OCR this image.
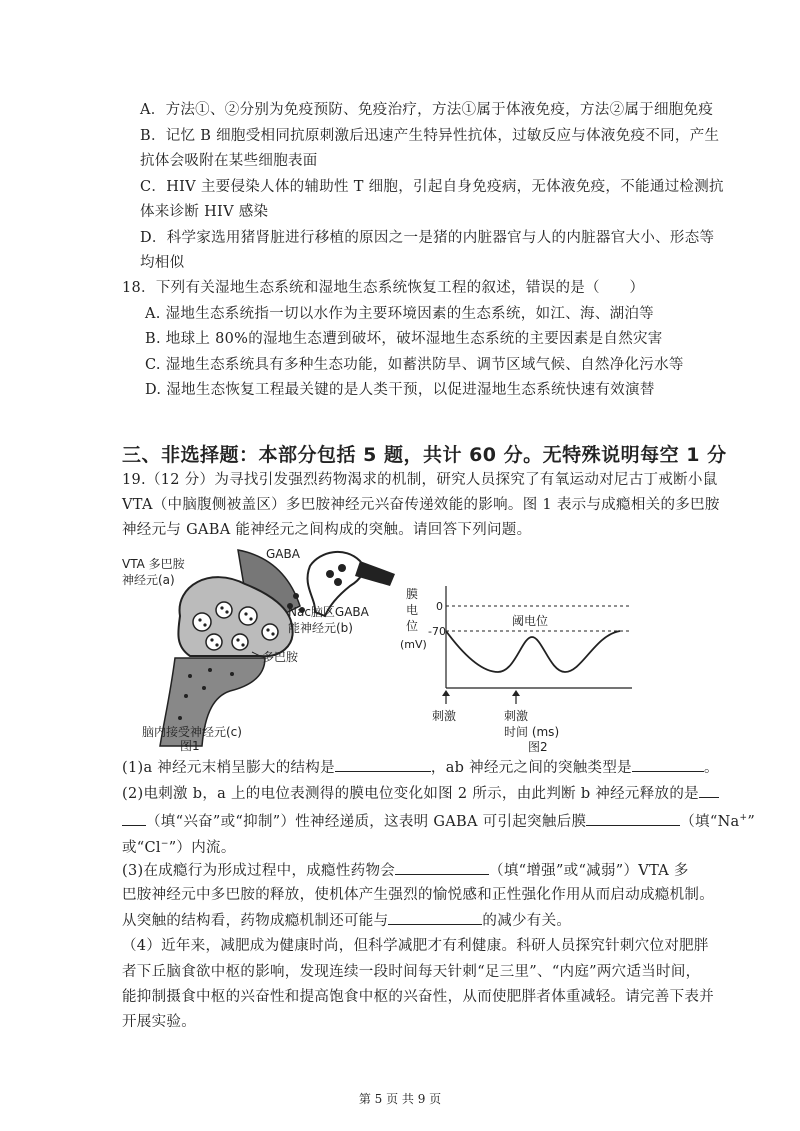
A．方法①、②分别为免疫预防、免疫治疗，方法①属于体液免疫，方法②属于细胞免疫
B．记忆 B 细胞受相同抗原刺激后迅速产生特异性抗体，过敏反应与体液免疫不同，产生
抗体会吸附在某些细胞表面
C．HIV 主要侵染人体的辅助性 T 细胞，引起自身免疫病，无体液免疫，不能通过检测抗
体来诊断 HIV 感染
D．科学家选用猪肾脏进行移植的原因之一是猪的内脏器官与人的内脏器官大小、形态等
均相似
18．下列有关湿地生态系统和湿地生态系统恢复工程的叙述，错误的是（　　）
A. 湿地生态系统指一切以水作为主要环境因素的生态系统，如江、海、湖泊等
B. 地球上 80%的湿地生态遭到破坏，破坏湿地生态系统的主要因素是自然灾害
C. 湿地生态系统具有多种生态功能，如蓄洪防旱、调节区域气候、自然净化污水等
D. 湿地生态恢复工程最关键的是人类干预，以促进湿地生态系统快速有效演替
三、非选择题：本部分包括 5 题，共计 60 分。无特殊说明每空 1 分
19.（12 分）为寻找引发强烈药物渴求的机制，研究人员探究了有氧运动对尼古丁戒断小鼠
VTA（中脑腹侧被盖区）多巴胺神经元兴奋传递效能的影响。图 1 表示与成瘾相关的多巴胺
神经元与 GABA 能神经元之间构成的突触。请回答下列问题。
VTA 多巴胺
神经元(a)
GABA
Nac脑区GABA
能神经元(b)
多巴胺
脑内接受神经元(c)
图1
膜
电
位
(mV)
0
-70
阈电位
刺激	刺激
时间 (ms)
图2
(1)a 神经元末梢呈膨大的结构是	，ab 神经元之间的突触类型是	。
(2)电刺激 b，a 上的电位表测得的膜电位变化如图 2 所示，由此判断 b 神经元释放的是
（填“兴奋”或“抑制”）性神经递质，这表明 GABA 可引起突触后膜	（填“Na+”
或“Cl−”）内流。
(3)在成瘾行为形成过程中，成瘾性药物会	（填“增强”或“减弱”）VTA 多
巴胺神经元中多巴胺的释放，使机体产生强烈的愉悦感和正性强化作用从而启动成瘾机制。
从突触的结构看，药物成瘾机制还可能与	的减少有关。
（4）近年来，减肥成为健康时尚，但科学减肥才有利健康。科研人员探究针刺穴位对肥胖
者下丘脑食欲中枢的影响，发现连续一段时间每天针刺“足三里”、“内庭”两穴适当时间，
能抑制摄食中枢的兴奋性和提高饱食中枢的兴奋性，从而使肥胖者体重减轻。请完善下表并
开展实验。
第 5 页 共 9 页
